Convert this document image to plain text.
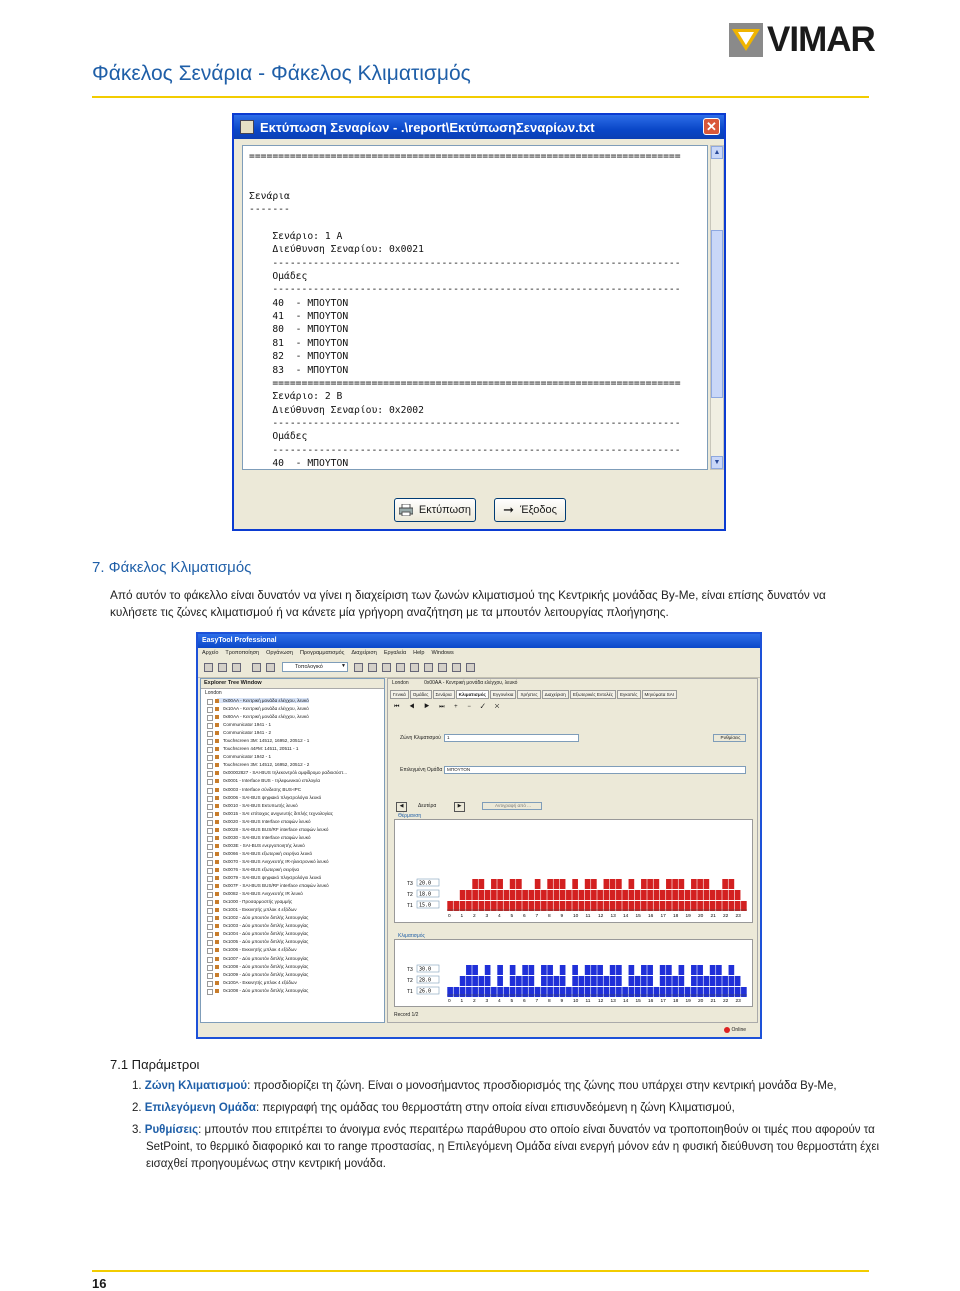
Φάκελος Σενάρια - Φάκελος Κλιματισμός
VIMAR
Εκτύπωση Σεναρίων - .\report\ΕκτύπωσηΣεναρίων.txt	✕
==========================================================================

Σενάρια
-------

Σενάριο: 1 A
Διεύθυνση Σεναρίου: 0x0021
----------------------------------------------------------------------
Ομάδες
----------------------------------------------------------------------
40  - ΜΠΟΥΤΟΝ
41  - ΜΠΟΥΤΟΝ
80  - ΜΠΟΥΤΟΝ
81  - ΜΠΟΥΤΟΝ
82  - ΜΠΟΥΤΟΝ
83  - ΜΠΟΥΤΟΝ
======================================================================
Σενάριο: 2 B
Διεύθυνση Σεναρίου: 0x2002
----------------------------------------------------------------------
Ομάδες
----------------------------------------------------------------------
40  - ΜΠΟΥΤΟΝ
▲
▼
Εκτύπωση ➞ Έξοδος
7. Φάκελος Κλιματισμός
Από αυτόν το φάκελλο είναι δυνατόν να γίνει η διαχείριση των ζωνών κλιματισμού της Κεντρικής μονάδας By-Me, είναι επίσης δυνατόν να κυλήσετε τις ζώνες κλιματισμού ή να κάνετε μία γρήγορη αναζήτηση με τα μπουτόν λειτουργίας πλοήγησης.
EasyTool Professional
Αρχείο Τροποποίηση Οργάνωση Προγραμματισμός Διαχείριση Εργαλεία Help Windows
Τοπολογικό	▼
Explorer Tree Window
London
0x00AA - Κεντρική μονάδα ελέγχου, λευκό
0x10AA - Κεντρική μονάδα ελέγχου, λευκό
0x60AA - Κεντρική μονάδα ελέγχου, λευκό
Communicator 1941 - 1
Communicator 1941 - 2
Touchscreen 3M: 14512, 16952, 20512 - 1
Touchscreen 44#M: 14511, 20511 - 1
Communicator 1942 - 1
Touchscreen 3M: 14512, 16952, 20512 - 2
0x00002827 - SAI-BUS τηλεκοντρόλ αμφίδρομο ραδιοσύστ...
0x0001 - Interface BUS - τηλεφωνικού επιλογέα
0x0003 - Interface σύνδεσης BUS-IPC
0x0006 - SAI-BUS ψηφιακό πληκτρολόγιο λευκό
0x0010 - SAI-BUS Εκτυπωτής λευκό
0x0015 - SAI επίτοιχος ανιχνευτής διπλής τεχνολογίας
0x0020 - SAI-BUS Interface επαφών λευκό
0x0028 - SAI-BUS BUS/RF interface επαφών λευκό
0x0030 - SAI-BUS Interface επαφών λευκό
0x003E - SAI-BUS ενεργοποιητής λευκό
0x0066 - SAI-BUS εξωτερική σειρήνα λευκό
0x0070 - SAI-BUS Ανιχνευτής IR-ηλεκτρονικό λευκό
0x0076 - SAI-BUS εξωτερική σειρήνα
0x0079 - SAI-BUS ψηφιακό πληκτρολόγιο λευκό
0x007F - SAI-BUS BUS/RF interface επαφών λευκό
0x0082 - SAI-BUS Ανιχνευτής IR λευκό
0x1000 - Προσαρμοστής γραμμής
0x1001 - Εκκινητής μπλοκ 4 εξόδων
0x1002 - Δύο μπουτόν διπλής λειτουργίας
0x1003 - Δύο μπουτόν διπλής λειτουργίας
0x1004 - Δύο μπουτόν διπλής λειτουργίας
0x1005 - Δύο μπουτόν διπλής λειτουργίας
0x1006 - Εκκινητής μπλοκ 4 εξόδων
0x1007 - Δύο μπουτόν διπλής λειτουργίας
0x1008 - Δύο μπουτόν διπλής λειτουργίας
0x1009 - Δύο μπουτόν διπλής λειτουργίας
0x100A - Εκκινητής μπλοκ 4 εξόδων
0x1008 - Δύο μπουτόν διπλής λειτουργίας
London	0x00AA - Κεντρική μονάδα ελέγχου, λευκό
Γενικά	Ομάδες	Σενάρια	Κλιματισμός	Εγγονέκια	Χρήστες	Διαχείριση	Εξωτερικές Εντολές	Εγκοπές	Μηνύματα SAI
⏮ ◀ ▶ ⏭ + − ✓ ✕
Ζώνη Κλιματισμού	1	Ρυθμίσεις
Επιλεγμένη Ομάδα	ΜΠΟΥΤΟΝ
◀	Δευτέρα	▶	Αντιγραφή από ...
Θέρμανση
T3 20.0
T2 18.0
T1 15.0
0 1 2 3 4 5 6 7 8 9 10 11 12 13 14 15 16 17 18 19 20 21 22 23
Κλιματισμός
T3 30.0
T2 28.0
T1 26.0
0 1 2 3 4 5 6 7 8 9 10 11 12 13 14 15 16 17 18 19 20 21 22 23
Record 1/2
Online
7.1 Παράμετροι
1. Ζώνη Κλιματισμού: προσδιορίζει τη ζώνη. Είναι ο μονοσήμαντος προσδιορισμός της ζώνης που υπάρχει στην κεντρική μονάδα By-Me,
2. Επιλεγόμενη Ομάδα: περιγραφή της ομάδας του θερμοστάτη στην οποία είναι επισυνδεόμενη η ζώνη Κλιματισμού,
3. Ρυθμίσεις: μπουτόν που επιτρέπει το άνοιγμα ενός περαιτέρω παράθυρου στο οποίο είναι δυνατόν να τροποποιηθούν οι τιμές που αφορούν τα SetPoint, το θερμικό διαφορικό και το range προστασίας, η Επιλεγόμενη Ομάδα είναι ενεργή μόνον εάν η φυσική διεύθυνση του θερμοστάτη έχει εισαχθεί προηγουμένως στην κεντρική μονάδα.
16
